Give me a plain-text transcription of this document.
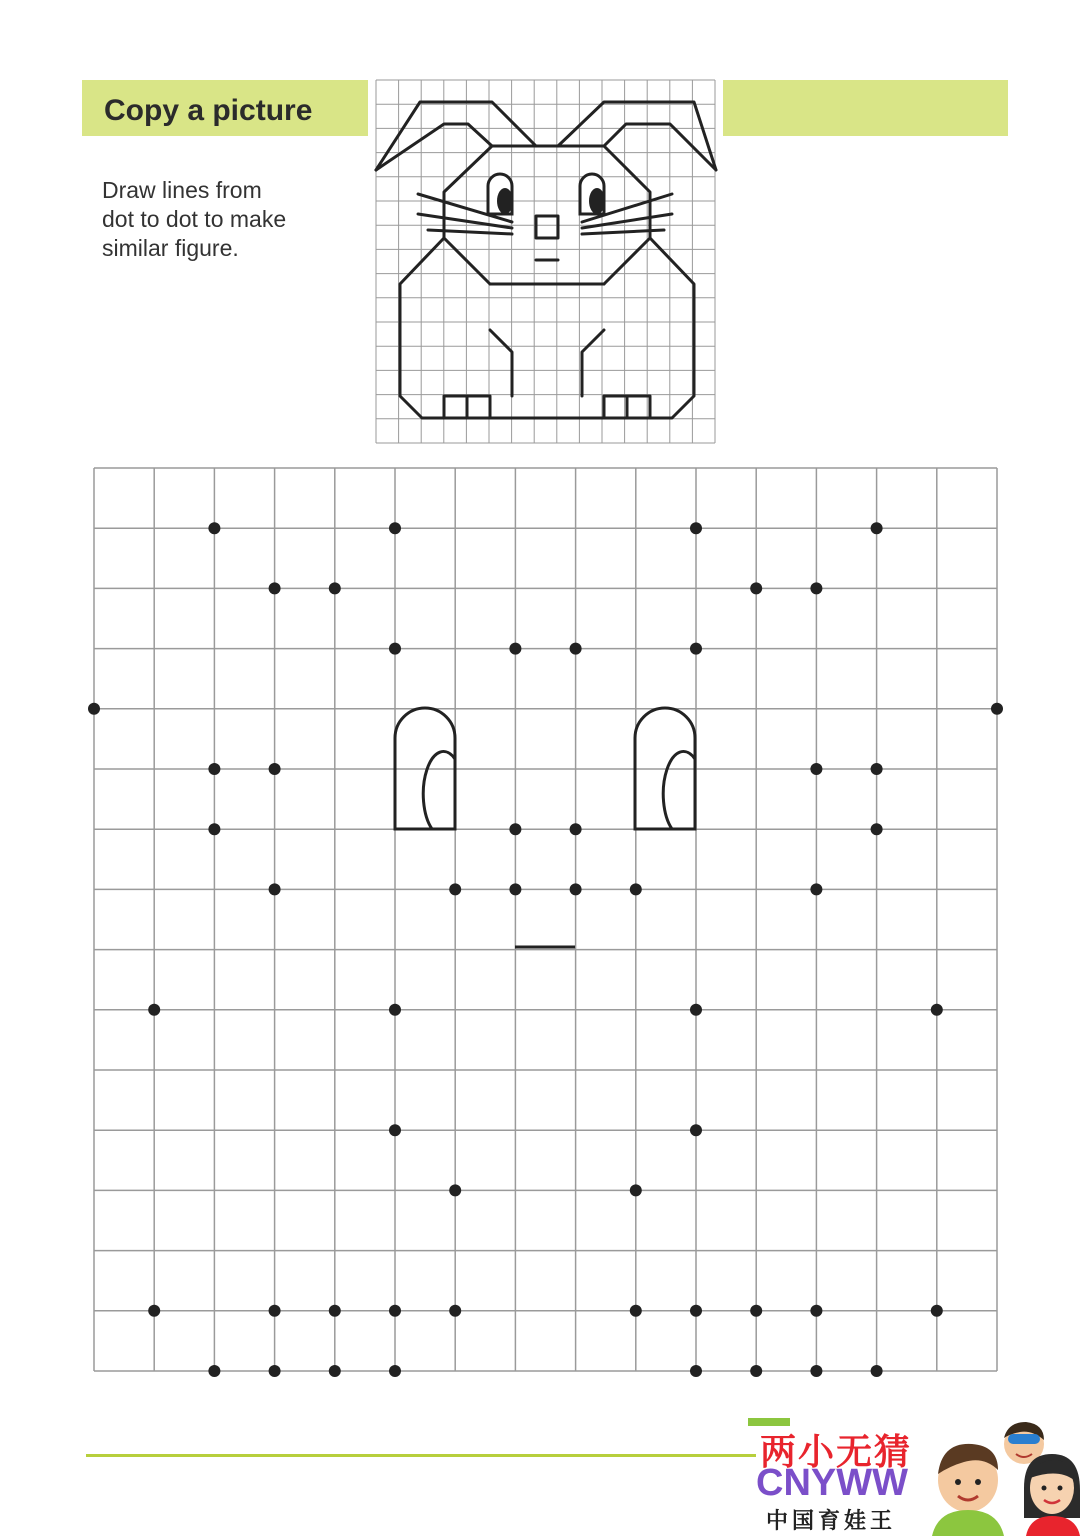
Copy a picture
Draw lines from
dot to dot to make
similar figure.
两小无猜
CNYWW
中国育娃王
